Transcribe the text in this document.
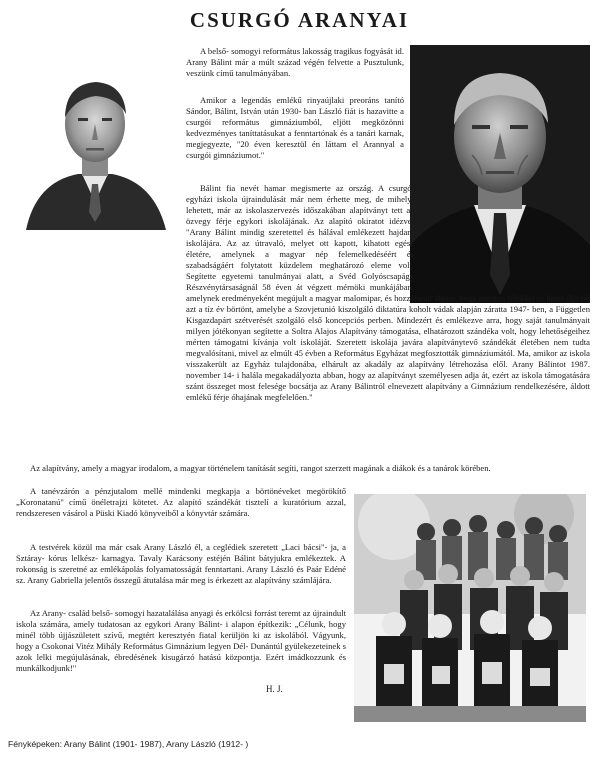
CSURGÓ ARANYAI

A belső- somogyi református lakosság tragikus fogyását id. Arany Bálint már a múlt század végén felvette a Pusztulunk, veszünk című tanulmányában.

Amikor a legendás emlékű rinyaújlaki preoráns tanító Sándor, Bálint, István után 1930- ban László fiát is hazavitte a csurgói református gimnáziumból, eljött megközönni kedvezményes taníttatásukat a fenntartónak és a tanári karnak, megjegyezte, "20 éven keresztül én láttam el Arannyal a csurgói gimnáziumot."

Bálint fia nevét hamar megismerte az ország. A csurgói egyházi iskola újraindulását már nem érhette meg, de mihelyt lehetett, már az iskolaszervezés időszakában alapítványt tett az özvegy férje egykori iskolájának. Az alapító okiratot idézve: "Arany Bálint mindig szeretettel és hálával emlékezett hajdani iskolájára. Az az útravaló, melyet ott kapott, kihatott egész életére, amelynek a magyar nép felemelkedéséért és szabadságáért folytatott küzdelem meghatározó eleme volt. Segítette egyetemi tanulmányai alatt, a Svéd Golyóscsapágy Részvénytársaságnál 58 éven át végzett mérnöki munkájában, amelynek eredményeként megújult a magyar malomipar, és hozzájárult ahhoz, hogy töretlen lélekkel és hittel élje túl azt a tíz év börtönt, amelybe a Szovjetunió kiszolgáló diktatúra koholt vádak alapján záratta 1947- ben, a Független Kisgazdapárt szétverését szolgáló első koncepciós perben. Mindezért és emlékezve arra, hogy saját tanulmányait milyen jótékonyan segítette a Soltra Alajos Alapítvány támogatása, elhatározott szándéka volt, hogy lehetőségeihez mérten támogatni kívánja volt iskoláját. Szeretett iskolája javára alapítványtevő szándékát életében nem tudta megvalósítani, mivel az elmúlt 45 évben a Református Egyházat megfosztották gimnáziumától. Ma, amikor az iskola visszakerült az Egyház tulajdonába, elhárult az akadály az alapítvány létrehozása elől. Arany Bálintot 1987. november 14- i halála megakadályozta abban, hogy az alapítványt személyesen adja át, ezért az iskola támogatására szánt összeget most felesége bocsátja az Arany Bálintról elnevezett alapítvány a Gimnázium rendelkezésére, áldott emlékű férje óhajának megfelelően."

Az alapítvány, amely a magyar irodalom, a magyar történelem tanítását segíti, rangot szerzett magának a diákok és a tanárok körében.

A tanévzárón a pénzjutalom mellé mindenki megkapja a börtönéveket megörökítő „Koronatanú" című önéletrajzi kötetet. Az alapító szándékát tisztelí a kuratórium azzal, rendszeresen vásárol a Püski Kiadó könyveiből a könyvtár számára.

A testvérek közül ma már csak Arany László él, a ceglédiek szeretett „Laci bácsi"- ja, a Sztáray- kórus lelkész- karnagya. Tavaly Karácsony estéjén Bálint bátyjukra emlékeztek. A rokonság is szeretné az emlékápolás folyamatosságát fenntartani. Arany László és Paár Edéné sz. Arany Gabriella jelentős összegű átutalása már meg is érkezett az alapítvány számlájára.

Az Arany- család belső- somogyi hazatalálása anyagi és erkölcsi forrást teremt az újraindult iskola számára, amely tudatosan az egykori Arany Bálint- i alapon építkezik: „Célunk, hogy minél több újjászületett szívű, megtért keresztyén fiatal kerüljön ki az iskolából. Vágyunk, hogy a Csokonai Vitéz Mihály Református Gimnázium legyen Dél- Dunántúl gyülekezeteinek s azok lelki megújulásának, ébredésének kisugárzó hatású központja. Ezért imádkozzunk és munkálkodjunk!"

H. J.
Fényképeken: Arany Bálint (1901- 1987), Arany László (1912- )
